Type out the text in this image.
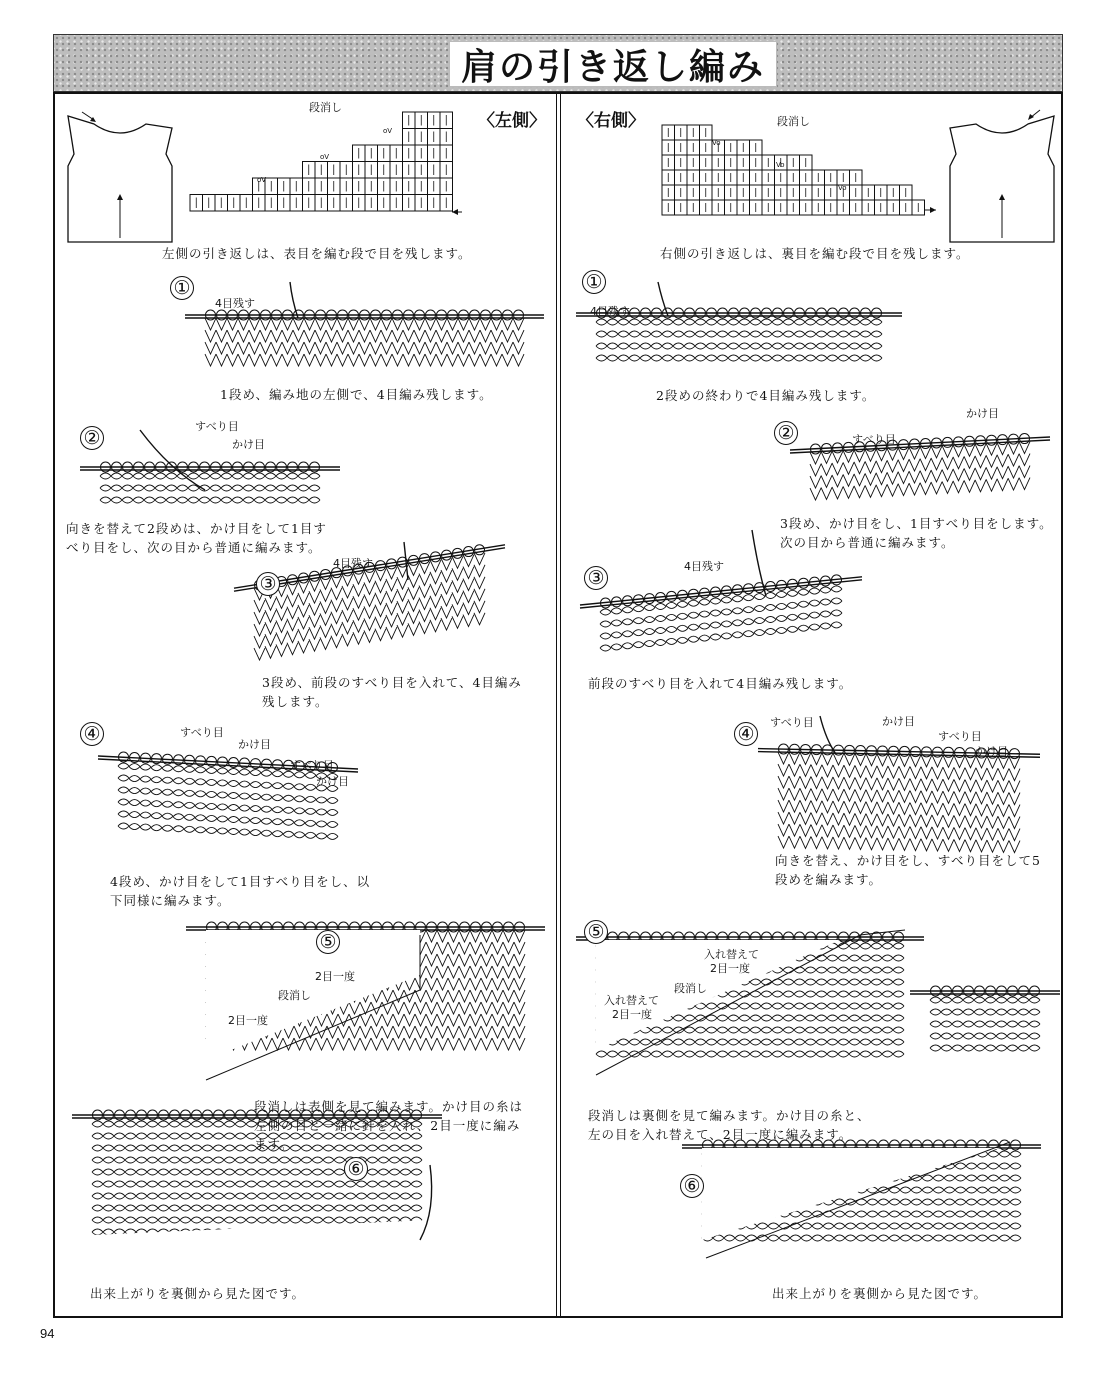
肩の引き返し編み
oV
oV
oV
Vo
Vo
Vo
〈左側〉
段消し
左側の引き返しは、表目を編む段で目を残します。
①
4目残す
1段め、編み地の左側で、4目編み残します。
②
すべり目
かけ目
向きを替えて2段めは、かけ目をして1目す
べり目をし、次の目から普通に編みます。
③
4目残す
3段め、前段のすべり目を入れて、4目編み
残します。
④	すべり目
かけ目
すべり目
かけ目
4段め、かけ目をして1目すべり目をし、以
下同様に編みます。
⑤
2目一度
段消し
2目一度
段消しは表側を見て編みます。かけ目の糸は
左側の目と一緒に針を入れ、2目一度に編み
ます。
⑥
出来上がりを裏側から見た図です。
〈右側〉	段消し
右側の引き返しは、裏目を編む段で目を残します。
①
4目残す
2段めの終わりで4目編み残します。
②	すべり目
かけ目
3段め、かけ目をし、1目すべり目をします。
次の目から普通に編みます。
③
4目残す
前段のすべり目を入れて4目編み残します。
④
すべり目	かけ目
すべり目
かけ目
向きを替え、かけ目をし、すべり目をして5
段めを編みます。
⑤
入れ替えて
2目一度
段消し
入れ替えて
2目一度
段消しは裏側を見て編みます。かけ目の糸と、
左の目を入れ替えて、2目一度に編みます。
⑥
出来上がりを裏側から見た図です。
94
